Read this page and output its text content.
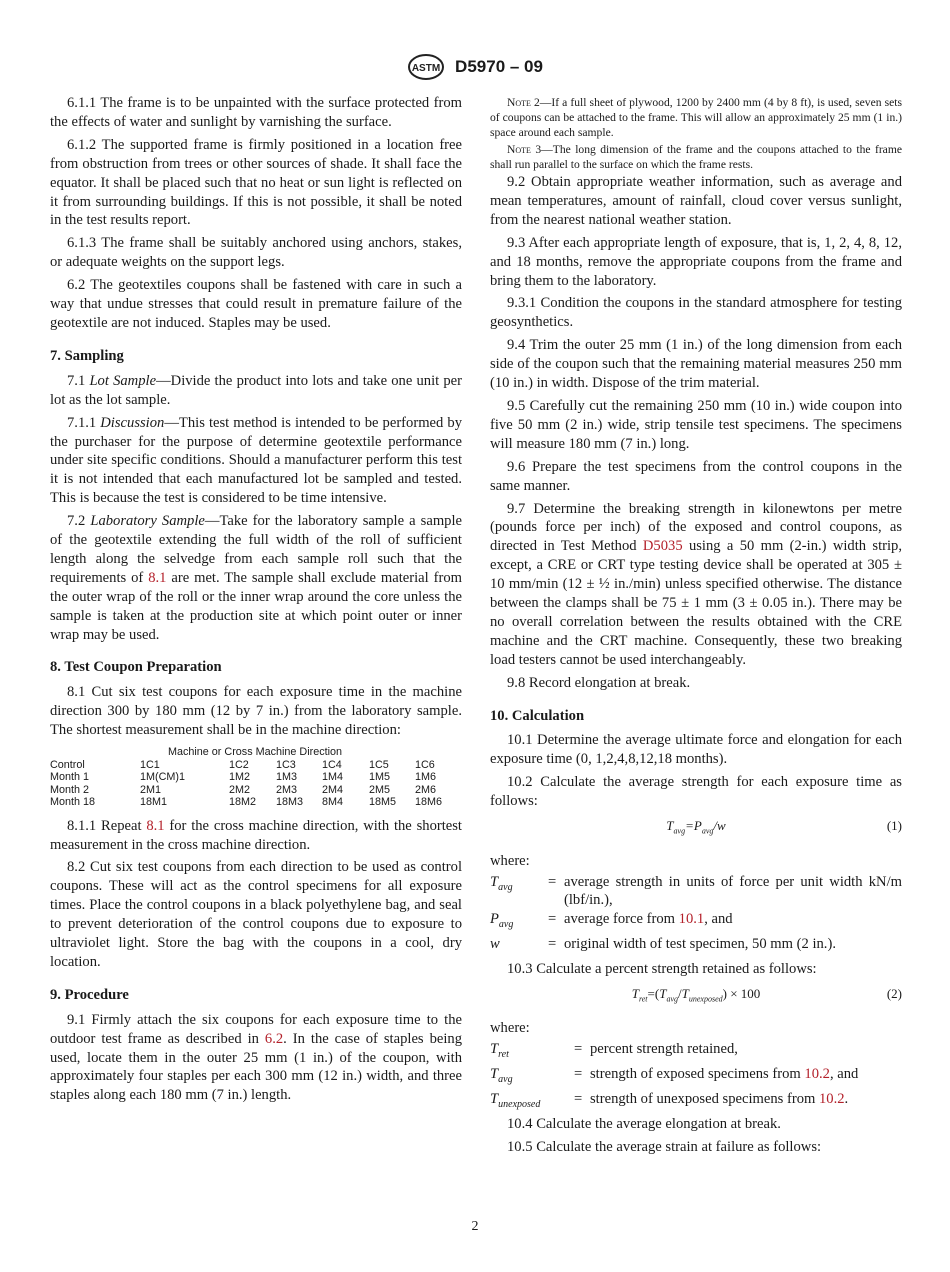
ASTM D5970 – 09

6.1.1 The frame is to be unpainted with the surface protected from the effects of water and sunlight by varnishing the surface.

6.1.2 The supported frame is firmly positioned in a location free from obstruction from trees or other sources of shade. It shall face the equator. It shall be placed such that no heat or sun light is reflected on it from surrounding buildings. If this is not possible, it shall be noted in the test results report.

6.1.3 The frame shall be suitably anchored using anchors, stakes, or adequate weights on the support legs.

6.2 The geotextiles coupons shall be fastened with care in such a way that undue stresses that could result in premature failure of the geotextile are not induced. Staples may be used.

7. Sampling

7.1 Lot Sample—Divide the product into lots and take one unit per lot as the lot sample.

7.1.1 Discussion—This test method is intended to be performed by the purchaser for the purpose of determine geotextile performance under site specific conditions. Should a manufacturer perform this test it is not intended that each manufactured lot be sampled and tested. This is because the test is considered to be time intensive.

7.2 Laboratory Sample—Take for the laboratory sample a sample of the geotextile extending the full width of the roll of sufficient length along the selvedge from each sample roll such that the requirements of 8.1 are met. The sample shall exclude material from the outer wrap of the roll or the inner wrap around the core unless the sample is taken at the production site at which point outer or inner wrap may be used.

8. Test Coupon Preparation

8.1 Cut six test coupons for each exposure time in the machine direction 300 by 180 mm (12 by 7 in.) from the laboratory sample. The shortest measurement shall be in the machine direction:

Machine or Cross Machine Direction
Control	1C1	1C2	1C3 1C4	1C5 1C6
Month 1	1M(CM)1	1M2 1M3 1M4 1M5 1M6
Month 2	2M1	2M2 2M3 2M4 2M5 2M6
Month 18	18M1	18M2 18M3 8M4 18M5 18M6

8.1.1 Repeat 8.1 for the cross machine direction, with the shortest measurement in the cross machine direction.

8.2 Cut six test coupons from each direction to be used as control coupons. These will act as the control specimens for all exposure times. Place the control coupons in a black polyethylene bag, and seal to prevent deterioration of the control coupons due to exposure to ultraviolet light. Store the bag with the coupons in a cool, dry location.

9. Procedure

9.1 Firmly attach the six coupons for each exposure time to the outdoor test frame as described in 6.2. In the case of staples being used, locate them in the outer 25 mm (1 in.) of the coupon, with approximately four staples per each 300 mm (12 in.) width, and three staples along each 180 mm (7 in.) length.

Note 2—If a full sheet of plywood, 1200 by 2400 mm (4 by 8 ft), is used, seven sets of coupons can be attached to the frame. This will allow an approximately 25 mm (1 in.) space around each sample.

Note 3—The long dimension of the frame and the coupons attached to the frame shall run parallel to the surface on which the frame rests.

9.2 Obtain appropriate weather information, such as average and mean temperatures, amount of rainfall, cloud cover versus sunlight, from the nearest national weather station.

9.3 After each appropriate length of exposure, that is, 1, 2, 4, 8, 12, and 18 months, remove the appropriate coupons from the frame and bring them to the laboratory.

9.3.1 Condition the coupons in the standard atmosphere for testing geosynthetics.

9.4 Trim the outer 25 mm (1 in.) of the long dimension from each side of the coupon such that the remaining material measures 250 mm (10 in.) in width. Dispose of the trim material.

9.5 Carefully cut the remaining 250 mm (10 in.) wide coupon into five 50 mm (2 in.) wide, strip tensile test specimens. The specimens will measure 180 mm (7 in.) long.

9.6 Prepare the test specimens from the control coupons in the same manner.

9.7 Determine the breaking strength in kilonewtons per metre (pounds force per inch) of the exposed and control coupons, as directed in Test Method D5035 using a 50 mm (2-in.) width strip, except, a CRE or CRT type testing device shall be operated at 305 ± 10 mm/min (12 ± ½ in./min) unless specified otherwise. The distance between the clamps shall be 75 ± 1 mm (3 ± 0.05 in.). There may be no overall correlation between the results obtained with the CRE machine and the CRT machine. Consequently, these two breaking load testers cannot be used interchangeably.

9.8 Record elongation at break.

10. Calculation

10.1 Determine the average ultimate force and elongation for each exposure time (0, 1,2,4,8,12,18 months).

10.2 Calculate the average strength for each exposure time as follows:

$T_{avg}=P_{avg}/w$	(1)
where:
$T_{avg}$	= average strength in units of force per unit width kN/m (lbf/in.),
$P_{avg}$	= average force from 10.1, and
w	= original width of test specimen, 50 mm (2 in.).

10.3 Calculate a percent strength retained as follows:

$T_{ret}=(T_{avg}/T_{unexposed}) \times 100$	(2)
where:
$T_{ret}$	= percent strength retained,
$T_{avg}$	= strength of exposed specimens from 10.2, and
$T_{unexposed}$	= strength of unexposed specimens from 10.2.

10.4 Calculate the average elongation at break.

10.5 Calculate the average strain at failure as follows:

2
